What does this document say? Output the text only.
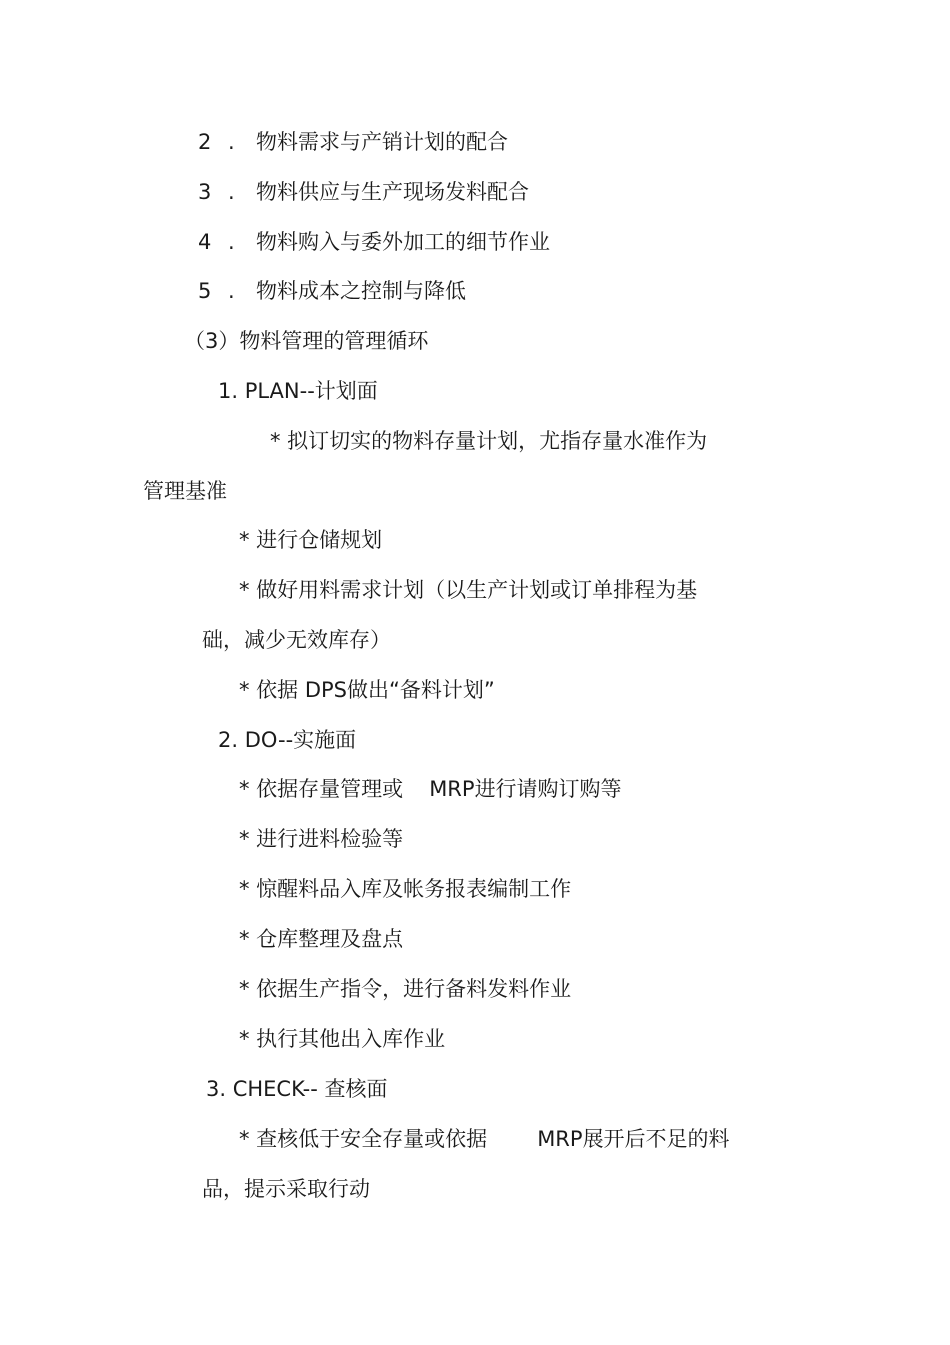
2 . 物料需求与产销计划的配合
3 . 物料供应与生产现场发料配合
4 . 物料购入与委外加工的细节作业
5 . 物料成本之控制与降低
（3）物料管理的管理循环
1. PLAN--计划面
* 拟订切实的物料存量计划，尤指存量水准作为
管理基准
* 进行仓储规划
* 做好用料需求计划（以生产计划或订单排程为基
础，减少无效库存）
* 依据 DPS做出“备料计划”
2. DO--实施面
* 依据存量管理或 MRP进行请购订购等
* 进行进料检验等
* 惊醒料品入库及帐务报表编制工作
* 仓库整理及盘点
* 依据生产指令，进行备料发料作业
* 执行其他出入库作业
3. CHECK-- 查核面
* 查核低于安全存量或依据 MRP展开后不足的料
品，提示采取行动
